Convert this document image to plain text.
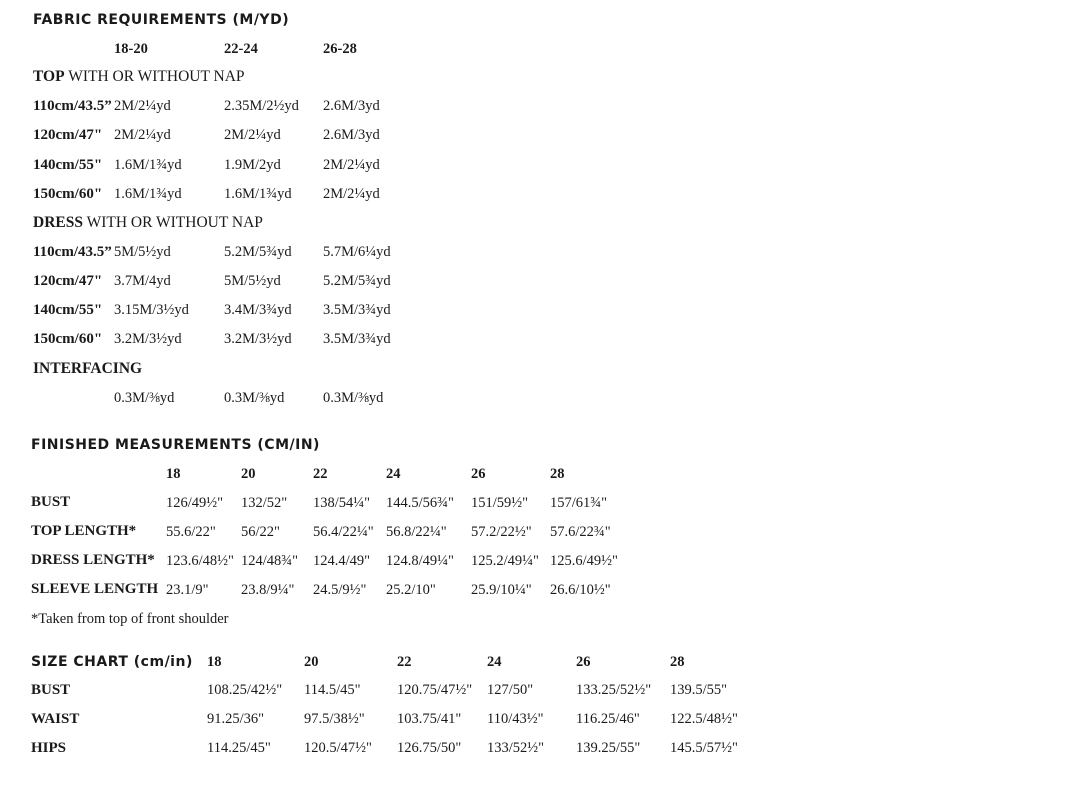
FABRIC REQUIREMENTS (M/YD)
18-20	22-24	26-28
TOP WITH OR WITHOUT NAP
110cm/43.5” 2M/2¼yd	2.35M/2½yd 2.6M/3yd
120cm/47" 2M/2¼yd	2M/2¼yd	2.6M/3yd
140cm/55" 1.6M/1¾yd	1.9M/2yd	2M/2¼yd
150cm/60" 1.6M/1¾yd	1.6M/1¾yd 2M/2¼yd
DRESS WITH OR WITHOUT NAP
110cm/43.5” 5M/5½yd	5.2M/5¾yd 5.7M/6¼yd
120cm/47" 3.7M/4yd	5M/5½yd	5.2M/5¾yd
140cm/55" 3.15M/3½yd 3.4M/3¾yd 3.5M/3¾yd
150cm/60" 3.2M/3½yd	3.2M/3½yd 3.5M/3¾yd
INTERFACING
0.3M/⅜yd	0.3M/⅜yd	0.3M/⅜yd
FINISHED MEASUREMENTS (CM/IN)
18	20	22	24	26	28
BUST	126/49½" 132/52" 138/54¼" 144.5/56¾" 151/59½" 157/61¾"
TOP LENGTH* 55.6/22" 56/22" 56.4/22¼" 56.8/22¼" 57.2/22½" 57.6/22¾"
DRESS LENGTH* 123.6/48½" 124/48¾" 124.4/49" 124.8/49¼" 125.2/49¼" 125.6/49½"
SLEEVE LENGTH 23.1/9" 23.8/9¼" 24.5/9½" 25.2/10" 25.9/10¼" 26.6/10½"
*Taken from top of front shoulder
SIZE CHART (cm/in) 18	20	22	24	26	28
BUST	108.25/42½" 114.5/45"	120.75/47½" 127/50"	133.25/52½" 139.5/55"
WAIST	91.25/36"	97.5/38½" 103.75/41" 110/43½" 116.25/46" 122.5/48½"
HIPS	114.25/45" 120.5/47½" 126.75/50" 133/52½" 139.25/55" 145.5/57½"
